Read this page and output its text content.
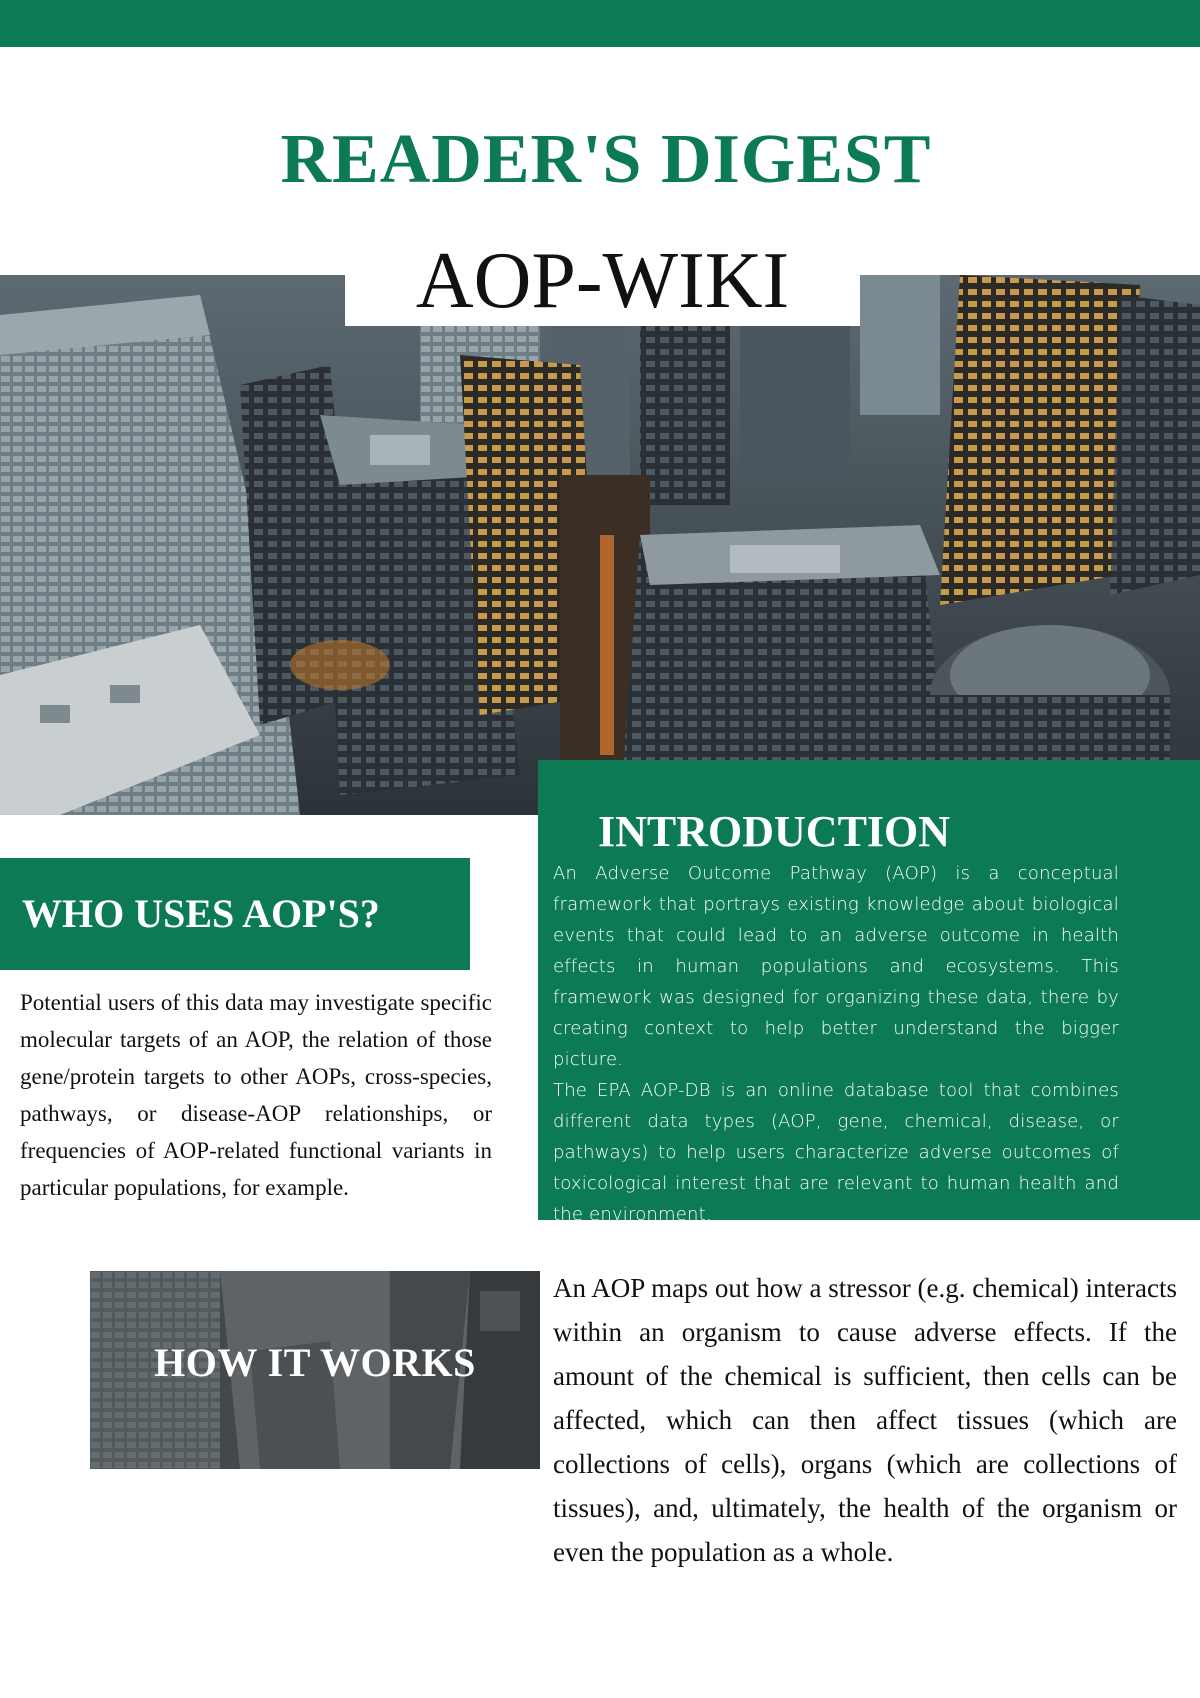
READER'S DIGEST
AOP-WIKI
INTRODUCTION

An Adverse Outcome Pathway (AOP) is a conceptual framework that portrays existing knowledge about biological events that could lead to an adverse outcome in health effects in human populations and ecosystems. This framework was designed for organizing these data, there by creating context to help better understand the bigger picture.
The EPA AOP-DB is an online database tool that combines different data types (AOP, gene, chemical, disease, or pathways) to help users characterize adverse outcomes of toxicological interest that are relevant to human health and the environment.

WHO USES AOP'S?

Potential users of this data may investigate specific molecular targets of an AOP, the relation of those gene/protein targets to other AOPs, cross-species, pathways, or disease-AOP relationships, or frequencies of AOP-related functional variants in particular populations, for example.

HOW IT WORKS

An AOP maps out how a stressor (e.g. chemical) interacts within an organism to cause adverse effects. If the amount of the chemical is sufficient, then cells can be affected, which can then affect tissues (which are collections of cells), organs (which are collections of tissues), and, ultimately, the health of the organism or even the population as a whole.
